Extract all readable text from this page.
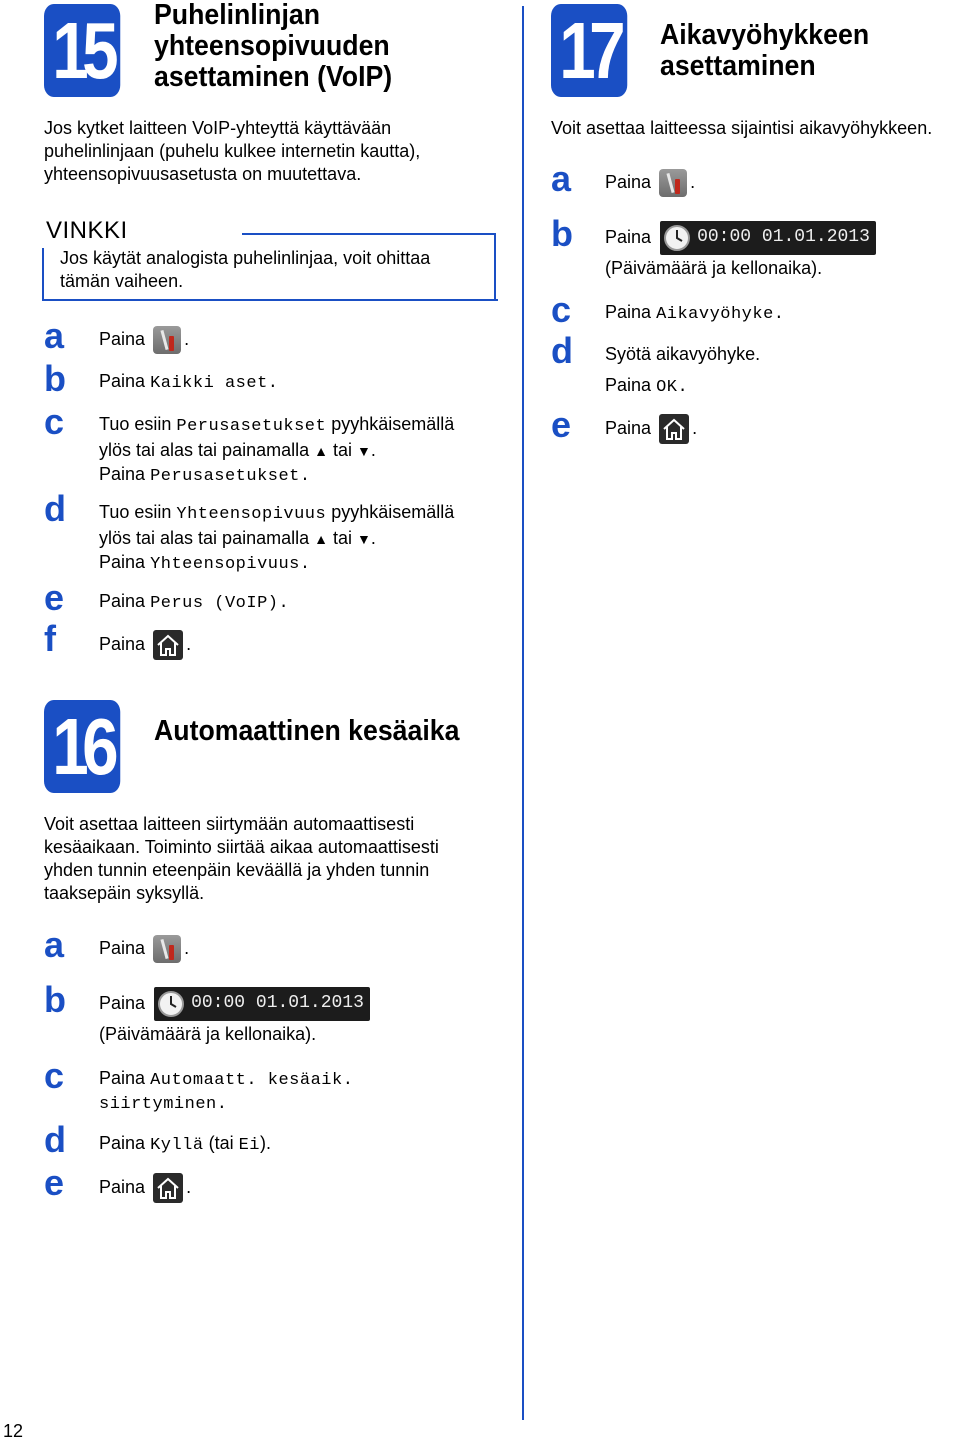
15 Puhelinlinjan
yhteensopivuuden
asettaminen (VoIP)
Jos kytket laitteen VoIP-yhteyttä käyttävään
puhelinlinjaan (puhelu kulkee internetin kautta),
yhteensopivuusasetusta on muutettava.
VINKKI
Jos käytät analogista puhelinlinjaa, voit ohittaa
tämän vaiheen.
a Paina .
b Paina Kaikki aset.
c Tuo esiin Perusasetukset pyyhkäisemällä
ylös tai alas tai painamalla ▲ tai ▼.
Paina Perusasetukset.
d Tuo esiin Yhteensopivuus pyyhkäisemällä
ylös tai alas tai painamalla ▲ tai ▼.
Paina Yhteensopivuus.
e Paina Perus (VoIP).
f Paina .
16 Automaattinen kesäaika
Voit asettaa laitteen siirtymään automaattisesti
kesäaikaan. Toiminto siirtää aikaa automaattisesti
yhden tunnin eteenpäin keväällä ja yhden tunnin
taaksepäin syksyllä.
a Paina .
b Paina	00:00
01.01.2013
(Päivämäärä ja kellonaika).
c Paina Automaatt. kesäaik.
siirtyminen.
d Paina Kyllä (tai Ei).
e Paina .
17 Aikavyöhykkeen
asettaminen
Voit asettaa laitteessa sijaintisi aikavyöhykkeen.
a Paina .
b Paina	00:00
01.01.2013
(Päivämäärä ja kellonaika).
c Paina Aikavyöhyke.
d Syötä aikavyöhyke.
Paina OK.
e Paina .
12
